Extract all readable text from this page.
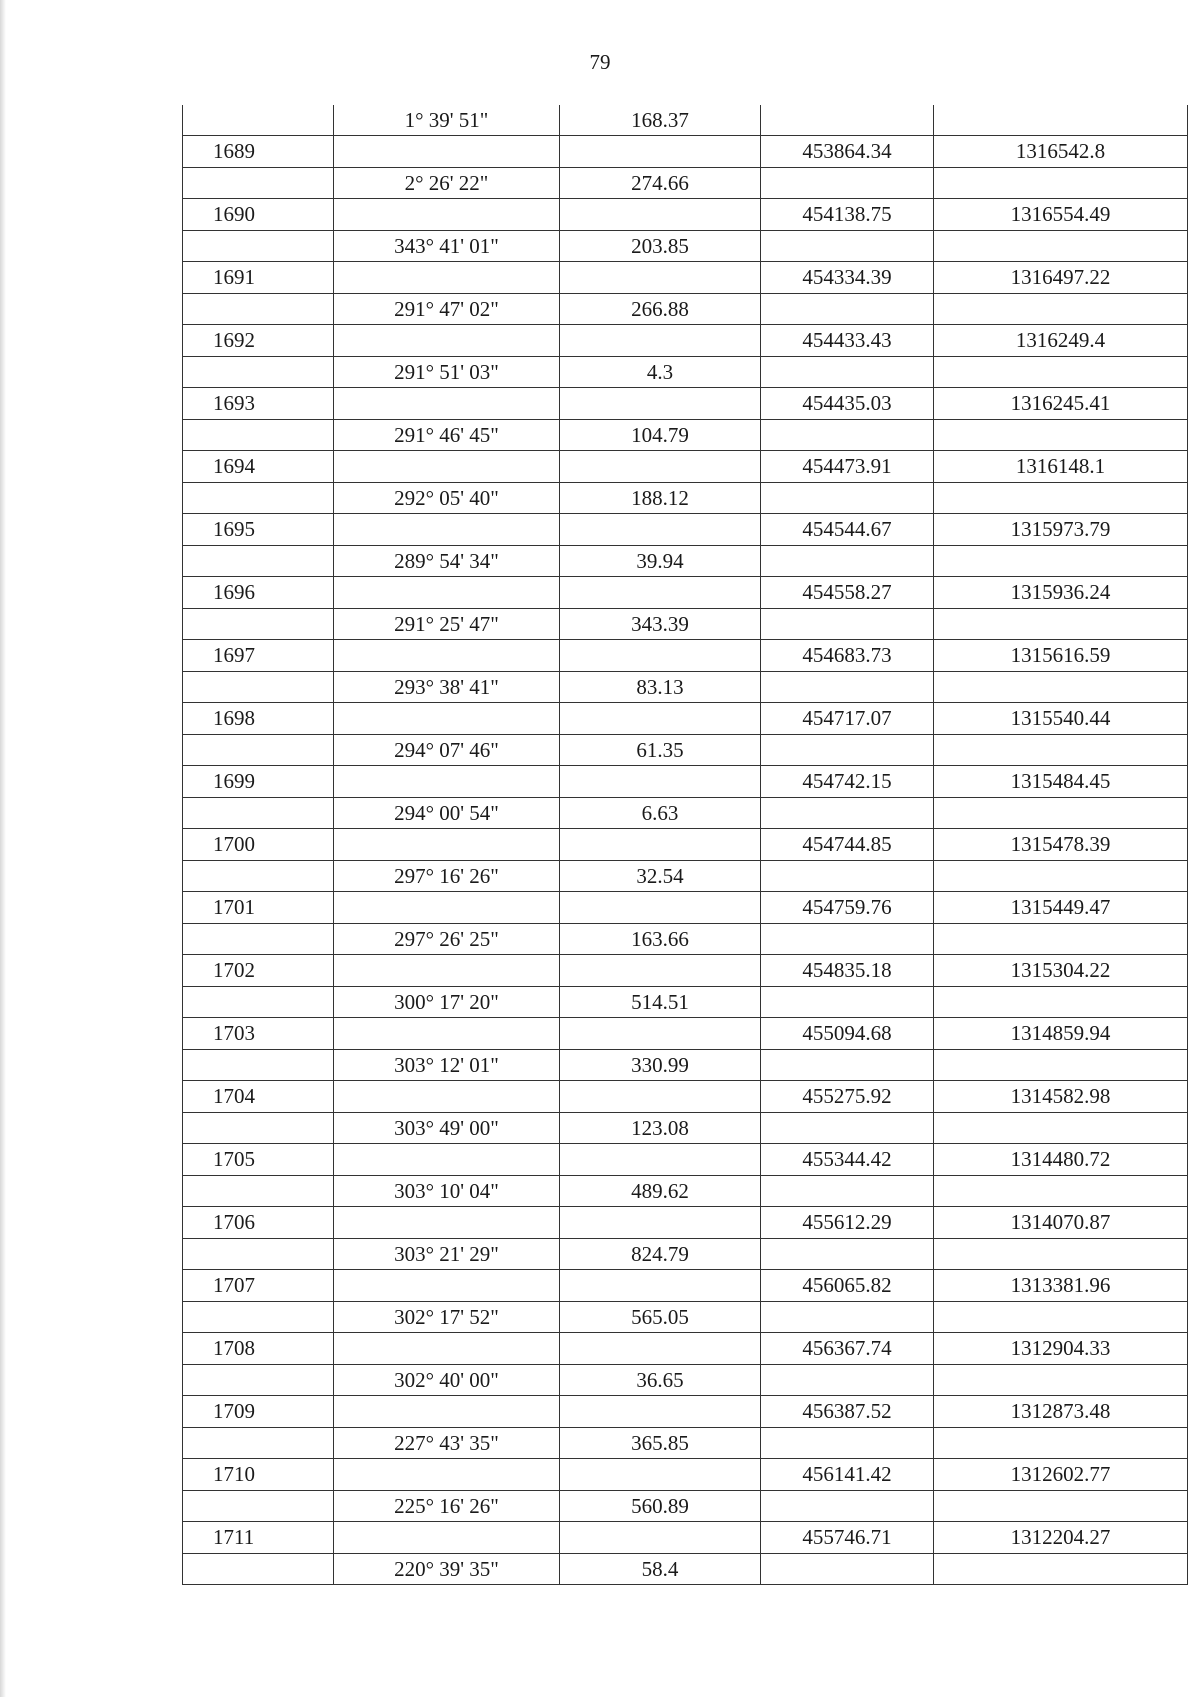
79
	1° 39' 51"	168.37		
1689			453864.34	1316542.8
	2° 26' 22"	274.66		
1690			454138.75	1316554.49
	343° 41' 01"	203.85		
1691			454334.39	1316497.22
	291° 47' 02"	266.88		
1692			454433.43	1316249.4
	291° 51' 03"	4.3		
1693			454435.03	1316245.41
	291° 46' 45"	104.79		
1694			454473.91	1316148.1
	292° 05' 40"	188.12		
1695			454544.67	1315973.79
	289° 54' 34"	39.94		
1696			454558.27	1315936.24
	291° 25' 47"	343.39		
1697			454683.73	1315616.59
	293° 38' 41"	83.13		
1698			454717.07	1315540.44
	294° 07' 46"	61.35		
1699			454742.15	1315484.45
	294° 00' 54"	6.63		
1700			454744.85	1315478.39
	297° 16' 26"	32.54		
1701			454759.76	1315449.47
	297° 26' 25"	163.66		
1702			454835.18	1315304.22
	300° 17' 20"	514.51		
1703			455094.68	1314859.94
	303° 12' 01"	330.99		
1704			455275.92	1314582.98
	303° 49' 00"	123.08		
1705			455344.42	1314480.72
	303° 10' 04"	489.62		
1706			455612.29	1314070.87
	303° 21' 29"	824.79		
1707			456065.82	1313381.96
	302° 17' 52"	565.05		
1708			456367.74	1312904.33
	302° 40' 00"	36.65		
1709			456387.52	1312873.48
	227° 43' 35"	365.85		
1710			456141.42	1312602.77
	225° 16' 26"	560.89		
1711			455746.71	1312204.27
	220° 39' 35"	58.4		
